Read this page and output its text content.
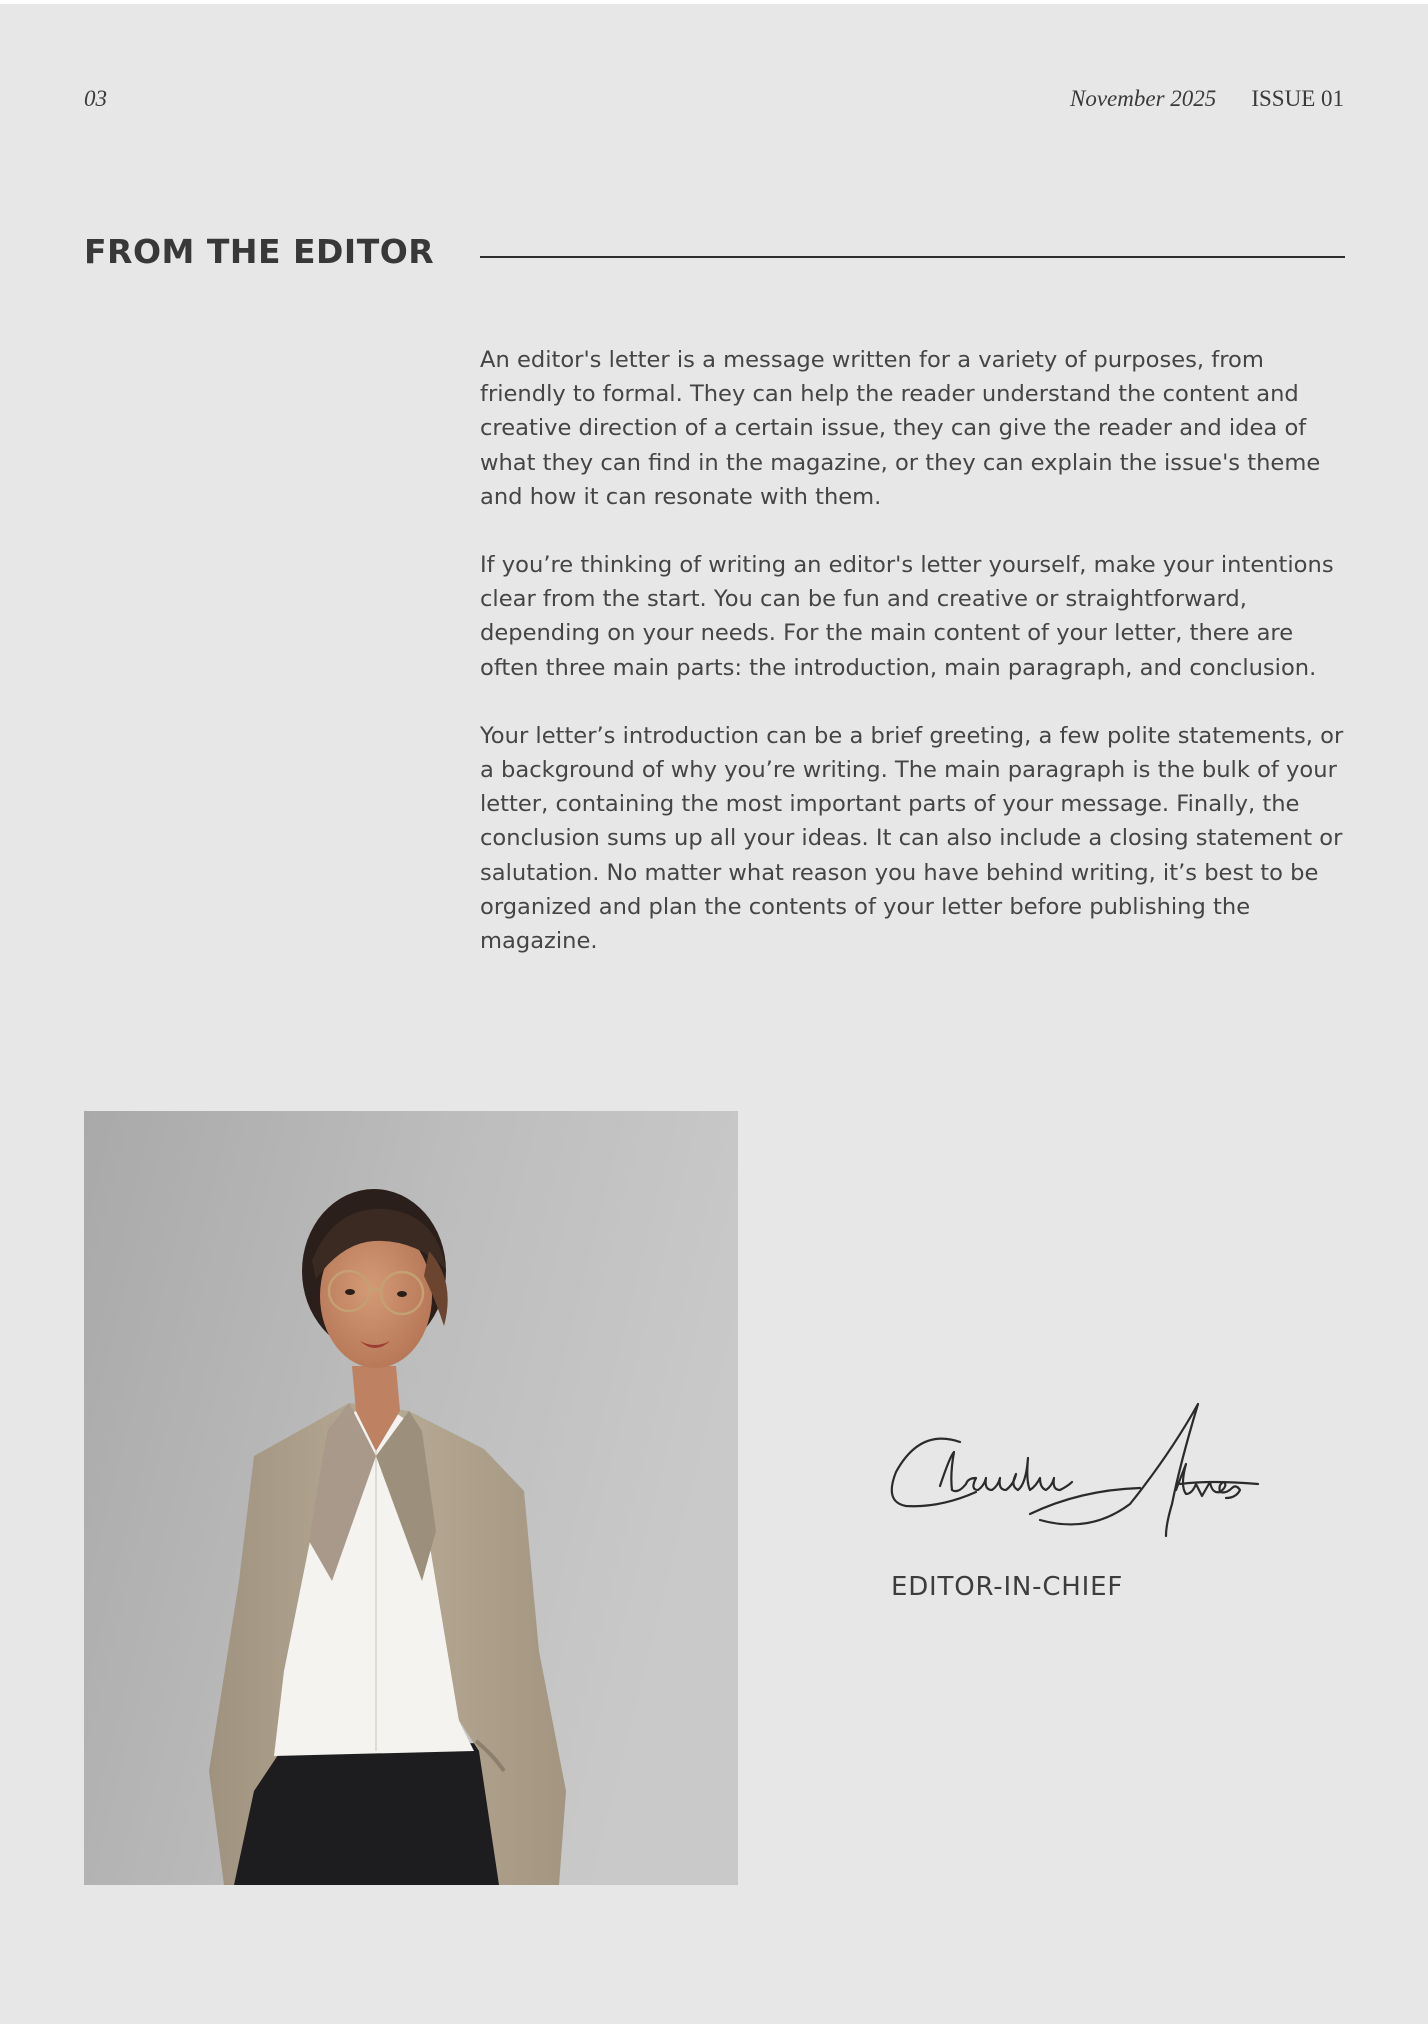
03	November 2025 ISSUE 01
FROM THE EDITOR

An editor's letter is a message written for a variety of purposes, from friendly to formal. They can help the reader understand the content and creative direction of a certain issue, they can give the reader and idea of what they can find in the magazine, or they can explain the issue's theme and how it can resonate with them.

If you’re thinking of writing an editor's letter yourself, make your intentions clear from the start. You can be fun and creative or straightforward, depending on your needs. For the main content of your letter, there are often three main parts: the introduction, main paragraph, and conclusion.

Your letter’s introduction can be a brief greeting, a few polite statements, or a background of why you’re writing. The main paragraph is the bulk of your letter, containing the most important parts of your message. Finally, the conclusion sums up all your ideas. It can also include a closing statement or salutation. No matter what reason you have behind writing, it’s best to be organized and plan the contents of your letter before publishing the magazine.

EDITOR-IN-CHIEF
